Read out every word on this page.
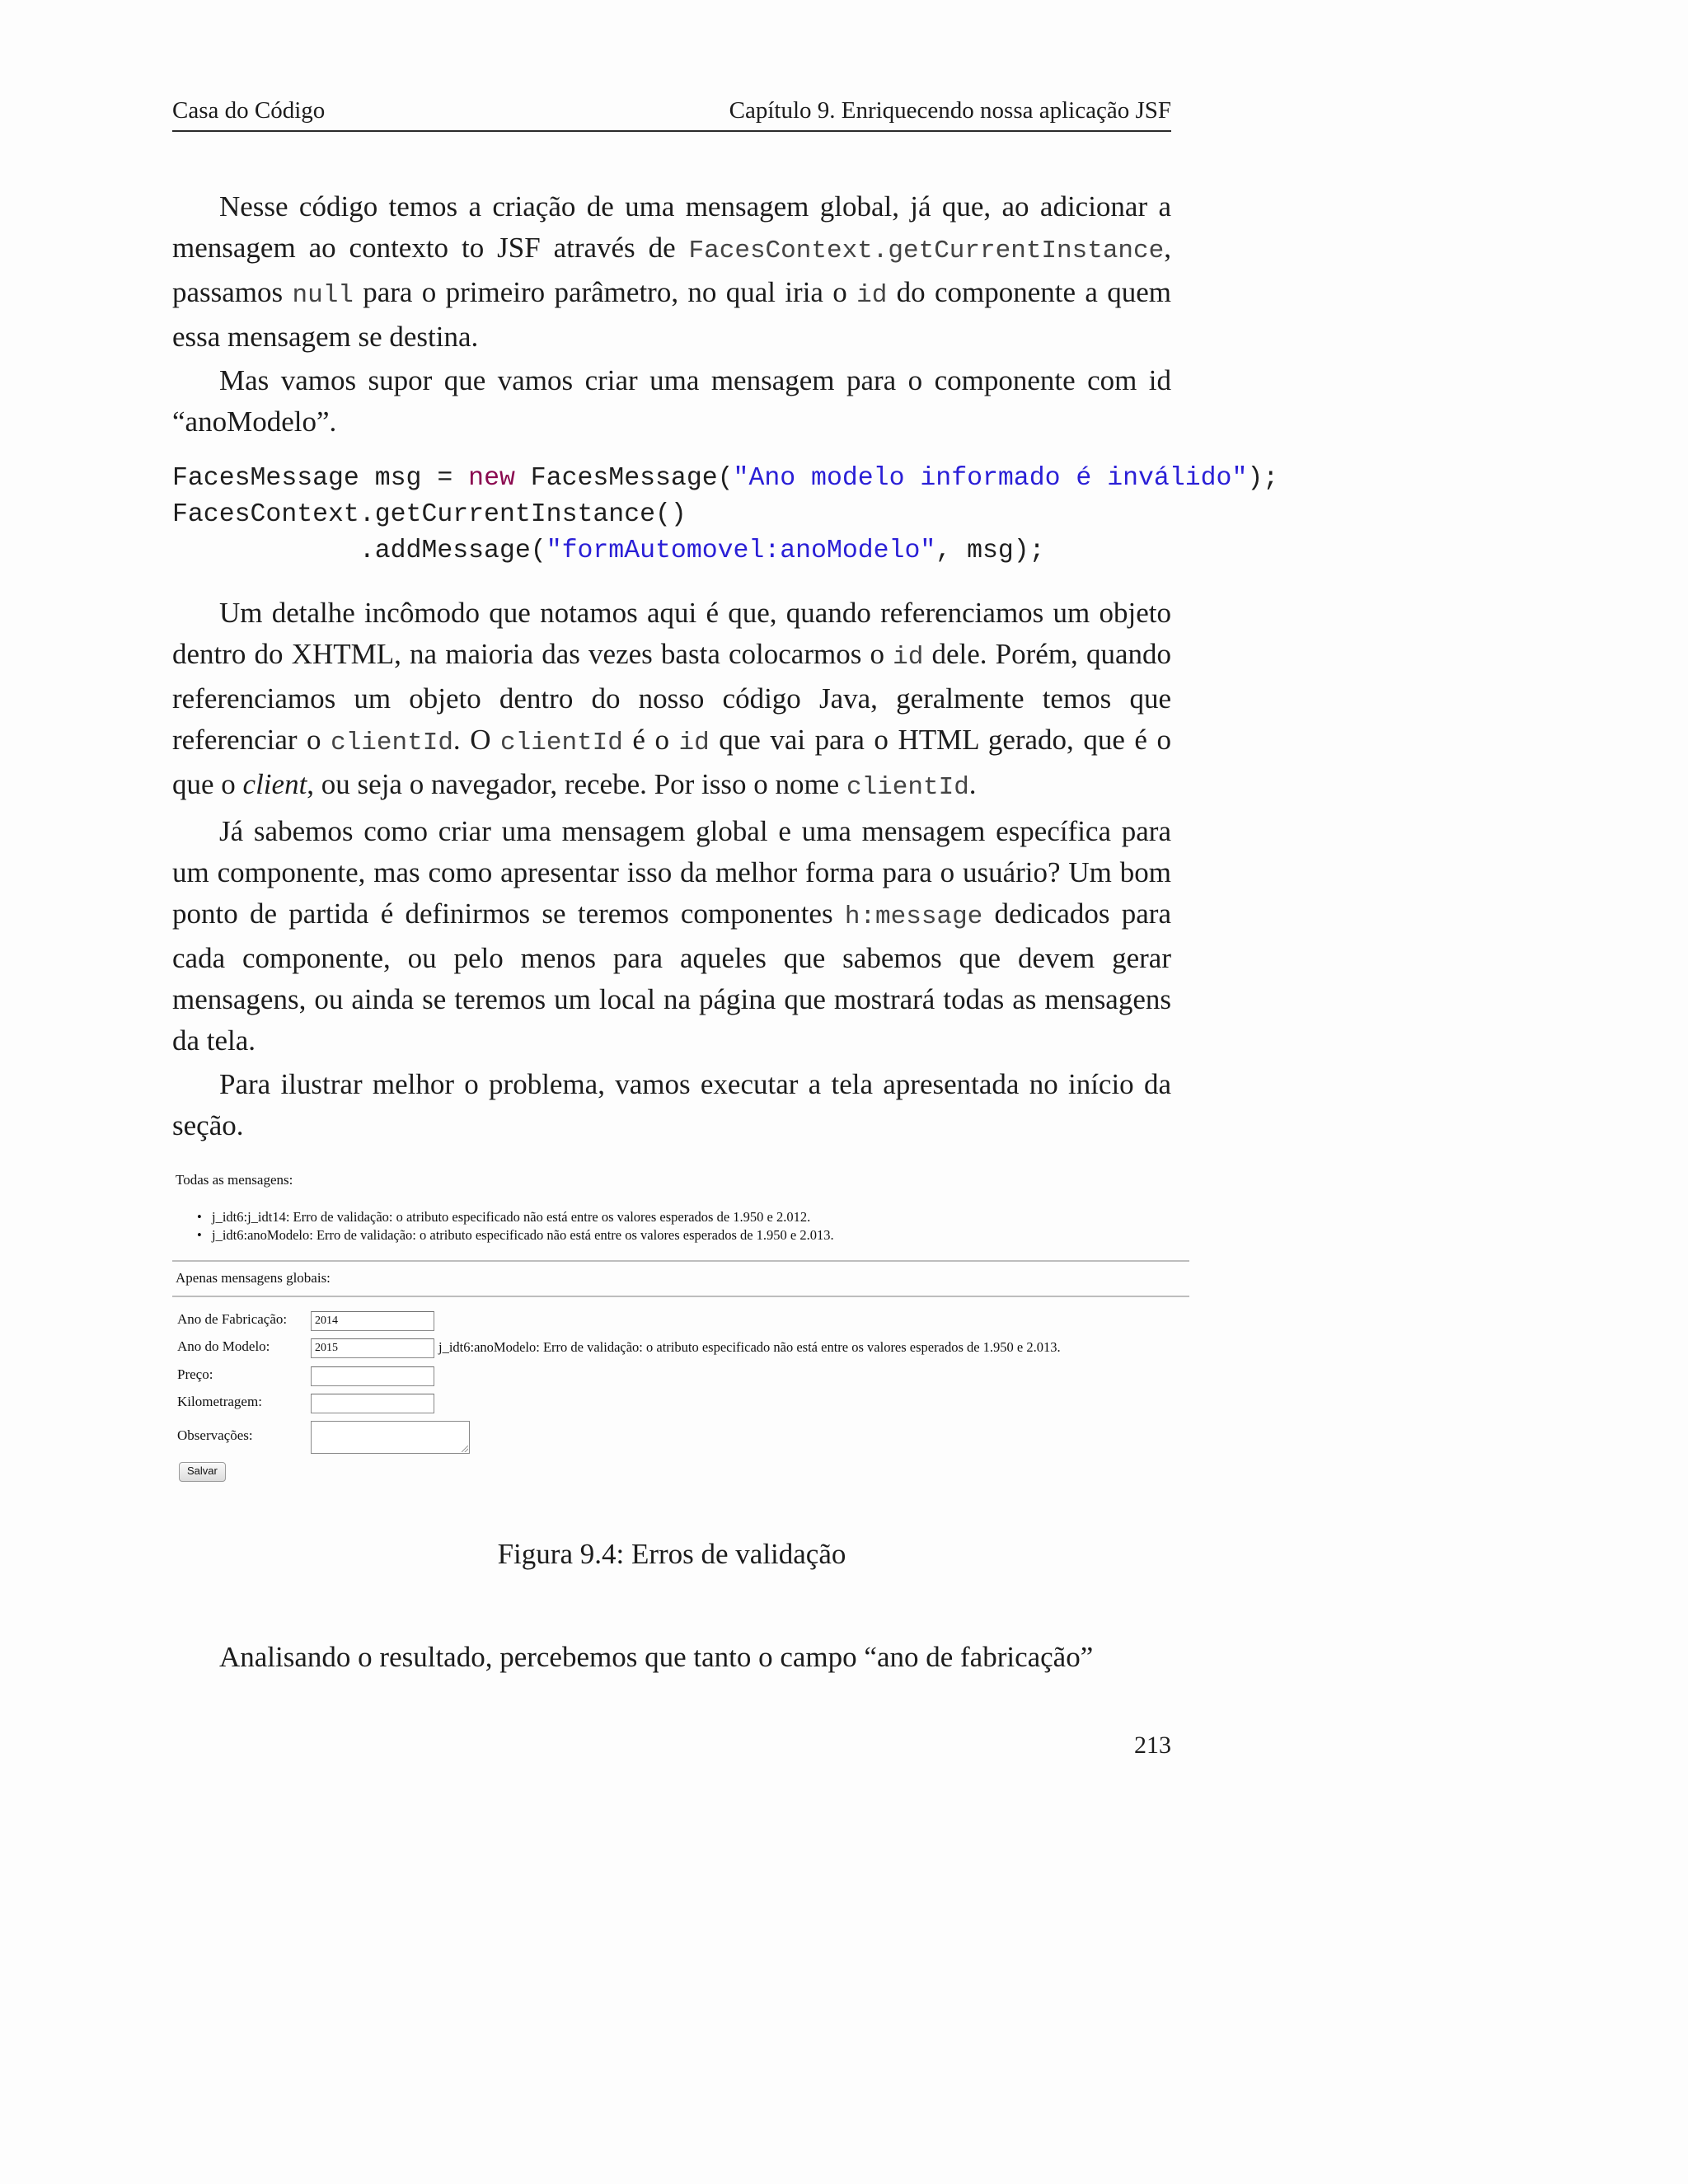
Casa do Código	Capítulo 9. Enriquecendo nossa aplicação JSF

Nesse código temos a criação de uma mensagem global, já que, ao adicionar a mensagem ao contexto to JSF através de FacesContext.getCurrentInstance, passamos null para o primeiro parâmetro, no qual iria o id do componente a quem essa mensagem se destina.

Mas vamos supor que vamos criar uma mensagem para o componente com id “anoModelo”.

FacesMessage msg = new FacesMessage("Ano modelo informado é inválido");
FacesContext.getCurrentInstance()
.addMessage("formAutomovel:anoModelo", msg);

Um detalhe incômodo que notamos aqui é que, quando referenciamos um objeto dentro do XHTML, na maioria das vezes basta colocarmos o id dele. Porém, quando referenciamos um objeto dentro do nosso código Java, geralmente temos que referenciar o clientId. O clientId é o id que vai para o HTML gerado, que é o que o client, ou seja o navegador, recebe. Por isso o nome clientId.

Já sabemos como criar uma mensagem global e uma mensagem específica para um componente, mas como apresentar isso da melhor forma para o usuário? Um bom ponto de partida é definirmos se teremos componentes h:message dedicados para cada componente, ou pelo menos para aqueles que sabemos que devem gerar mensagens, ou ainda se teremos um local na página que mostrará todas as mensagens da tela.

Para ilustrar melhor o problema, vamos executar a tela apresentada no início da seção.

Todas as mensagens:
• j_idt6:j_idt14: Erro de validação: o atributo especificado não está entre os valores esperados de 1.950 e 2.012.
• j_idt6:anoModelo: Erro de validação: o atributo especificado não está entre os valores esperados de 1.950 e 2.013.
Apenas mensagens globais:
Ano de Fabricação:	2014
Ano do Modelo:	2015	j_idt6:anoModelo: Erro de validação: o atributo especificado não está entre os valores esperados de 1.950 e 2.013.
Preço:
Kilometragem:
Observações:
Salvar
Figura 9.4: Erros de validação

Analisando o resultado, percebemos que tanto o campo “ano de fabricação”

213
